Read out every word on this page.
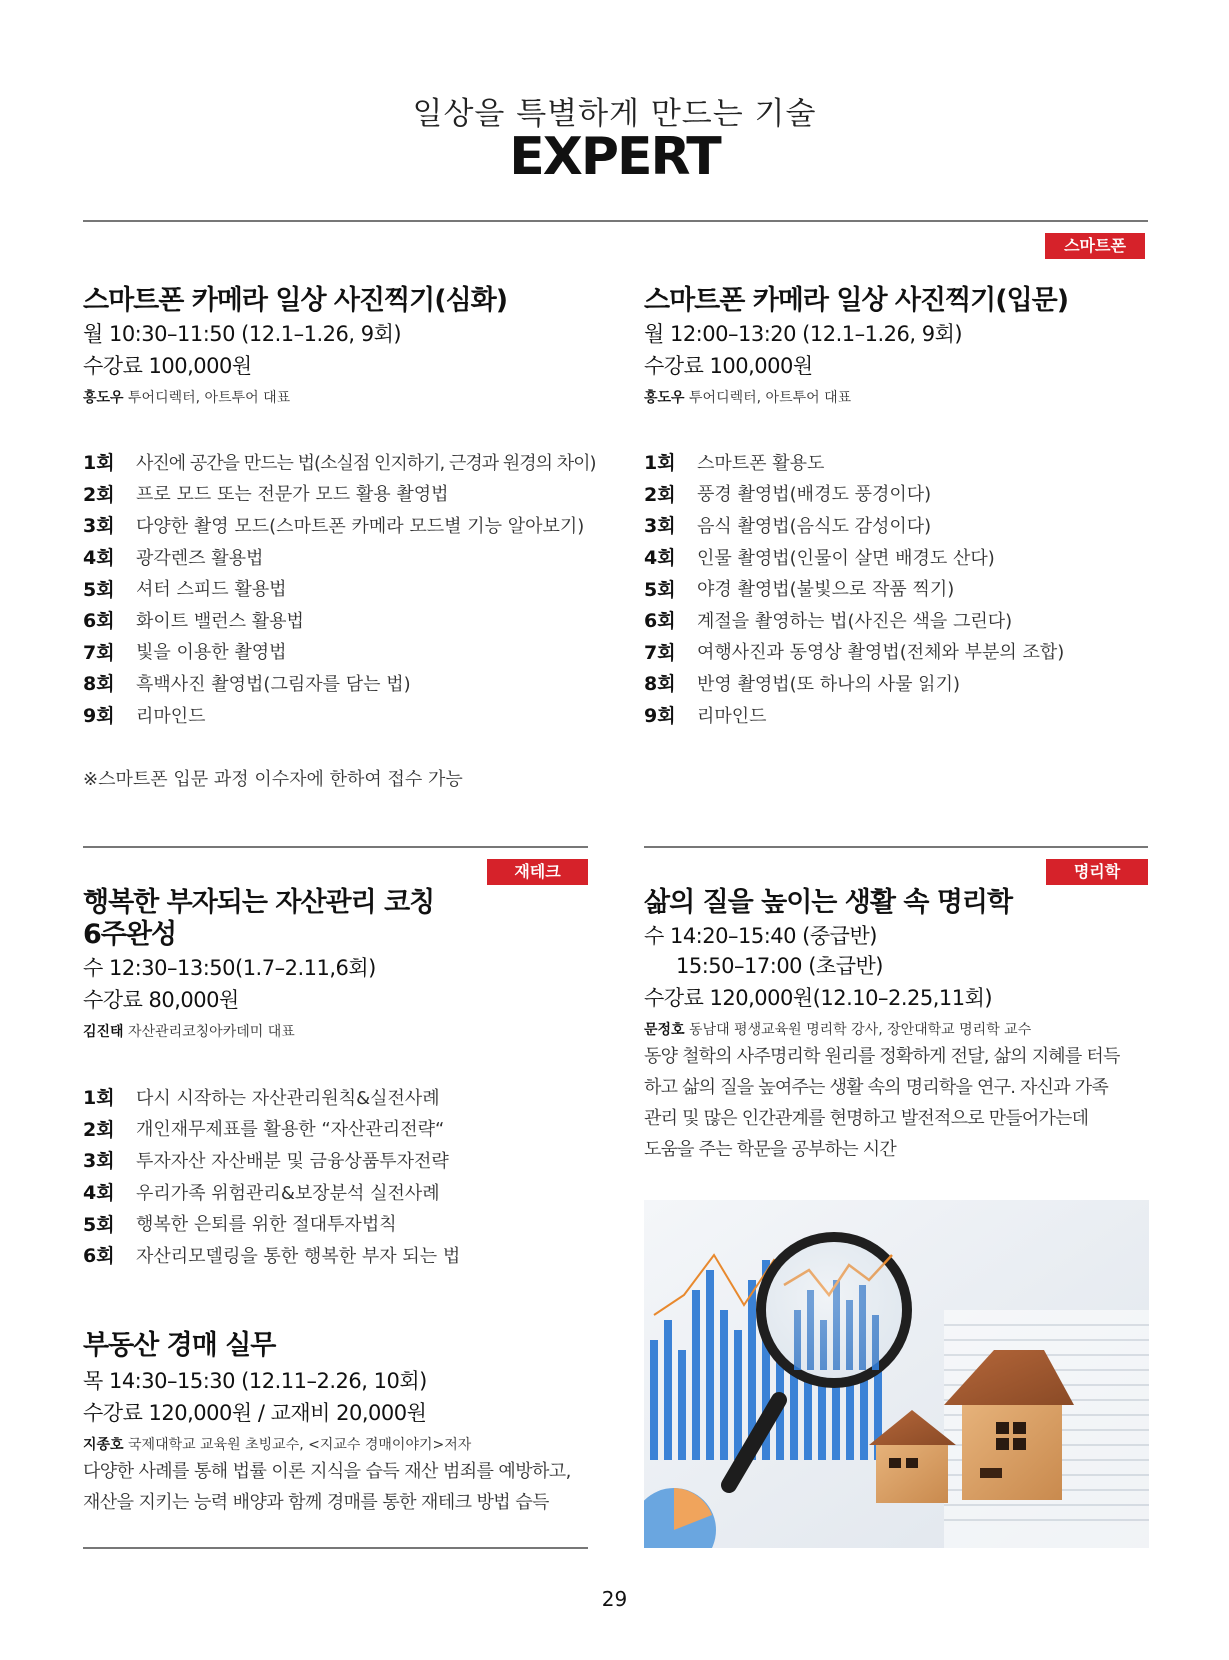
일상을 특별하게 만드는 기술
EXPERT
스마트폰
스마트폰 카메라 일상 사진찍기(심화)
월 10:30–11:50 (12.1–1.26, 9회)
수강료 100,000원
홍도우 투어디렉터, 아트투어 대표
1회	사진에 공간을 만드는 법(소실점 인지하기, 근경과 원경의 차이)
2회	프로 모드 또는 전문가 모드 활용 촬영법
3회	다양한 촬영 모드(스마트폰 카메라 모드별 기능 알아보기)
4회	광각렌즈 활용법
5회	셔터 스피드 활용법
6회	화이트 밸런스 활용법
7회	빛을 이용한 촬영법
8회	흑백사진 촬영법(그림자를 담는 법)
9회	리마인드
※스마트폰 입문 과정 이수자에 한하여 접수 가능
스마트폰 카메라 일상 사진찍기(입문)
월 12:00–13:20 (12.1–1.26, 9회)
수강료 100,000원
홍도우 투어디렉터, 아트투어 대표
1회	스마트폰 활용도
2회	풍경 촬영법(배경도 풍경이다)
3회	음식 촬영법(음식도 감성이다)
4회	인물 촬영법(인물이 살면 배경도 산다)
5회	야경 촬영법(불빛으로 작품 찍기)
6회	계절을 촬영하는 법(사진은 색을 그린다)
7회	여행사진과 동영상 촬영법(전체와 부분의 조합)
8회	반영 촬영법(또 하나의 사물 읽기)
9회	리마인드
재테크	명리학
행복한 부자되는 자산관리 코칭
6주완성
수 12:30–13:50(1.7–2.11,6회)
수강료 80,000원
김진태 자산관리코칭아카데미 대표
1회	다시 시작하는 자산관리원칙&실전사례
2회	개인재무제표를 활용한 “자산관리전략“
3회	투자자산 자산배분 및 금융상품투자전략
4회	우리가족 위험관리&보장분석 실전사례
5회	행복한 은퇴를 위한 절대투자법칙
6회	자산리모델링을 통한 행복한 부자 되는 법
부동산 경매 실무
목 14:30–15:30 (12.11–2.26, 10회)
수강료 120,000원 / 교재비 20,000원
지종호 국제대학교 교육원 초빙교수, <지교수 경매이야기>저자
다양한 사례를 통해 법률 이론 지식을 습득 재산 범죄를 예방하고,
재산을 지키는 능력 배양과 함께 경매를 통한 재테크 방법 습득
삶의 질을 높이는 생활 속 명리학
수 14:20–15:40 (중급반)
15:50–17:00 (초급반)
수강료 120,000원(12.10–2.25,11회)
문정호 동남대 평생교육원 명리학 강사, 장안대학교 명리학 교수
동양 철학의 사주명리학 원리를 정확하게 전달, 삶의 지혜를 터득
하고 삶의 질을 높여주는 생활 속의 명리학을 연구. 자신과 가족
관리 및 많은 인간관계를 현명하고 발전적으로 만들어가는데
도움을 주는 학문을 공부하는 시간
29
